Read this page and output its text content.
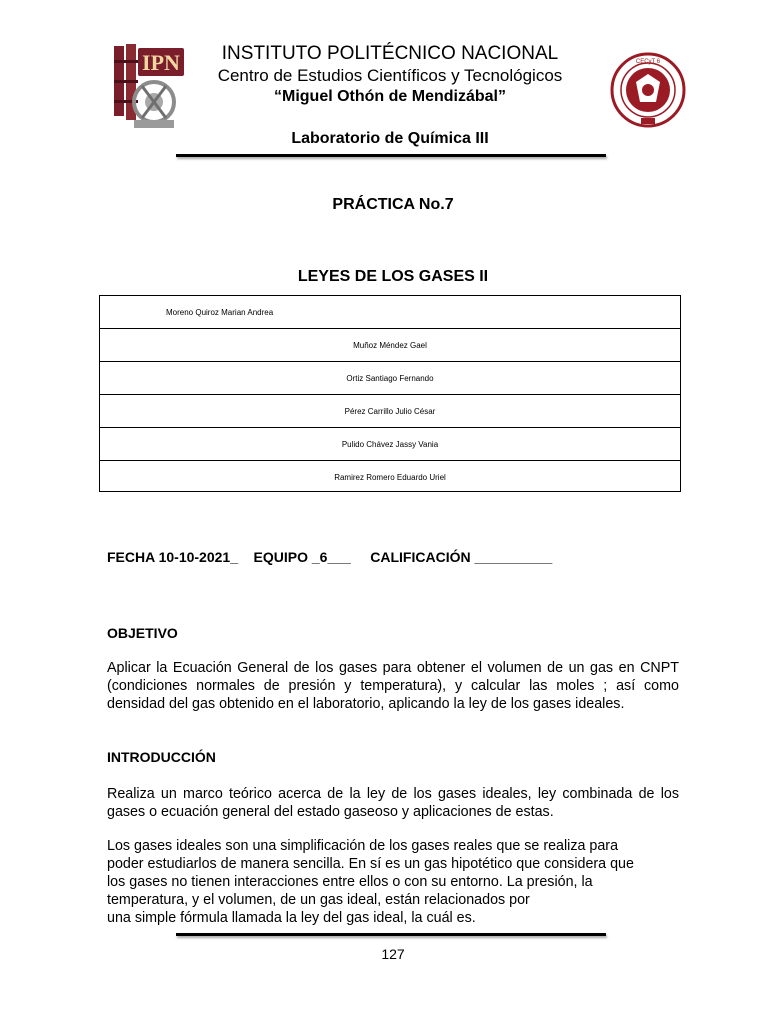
IPN	CECyT 6
INSTITUTO POLITÉCNICO NACIONAL
Centro de Estudios Científicos y Tecnológicos
“Miguel Othón de Mendizábal”
Laboratorio de Química III
PRÁCTICA No.7
LEYES DE LOS GASES II
Moreno Quiroz Marian Andrea
Muñoz Méndez Gael
Ortiz Santiago Fernando
Pérez Carrillo Julio César
Pulido Chávez Jassy Vania
Ramirez Romero Eduardo Uriel
FECHA 10-10-2021_    EQUIPO _6___     CALIFICACIÓN __________
OBJETIVO
Aplicar la Ecuación General de los gases para obtener el volumen de un gas en CNPT (condiciones normales de presión y temperatura), y calcular las moles ; así como densidad del gas obtenido en el laboratorio, aplicando la ley de los gases ideales.
INTRODUCCIÓN
Realiza un marco teórico acerca de la ley de los gases ideales, ley combinada de los gases o ecuación general del estado gaseoso y aplicaciones de estas.
Los gases ideales son una simplificación de los gases reales que se realiza para
poder estudiarlos de manera sencilla. En sí es un gas hipotético que considera que
los gases no tienen interacciones entre ellos o con su entorno. La presión, la
temperatura, y el volumen, de un gas ideal, están relacionados por
una simple fórmula llamada la ley del gas ideal, la cuál es.
127
